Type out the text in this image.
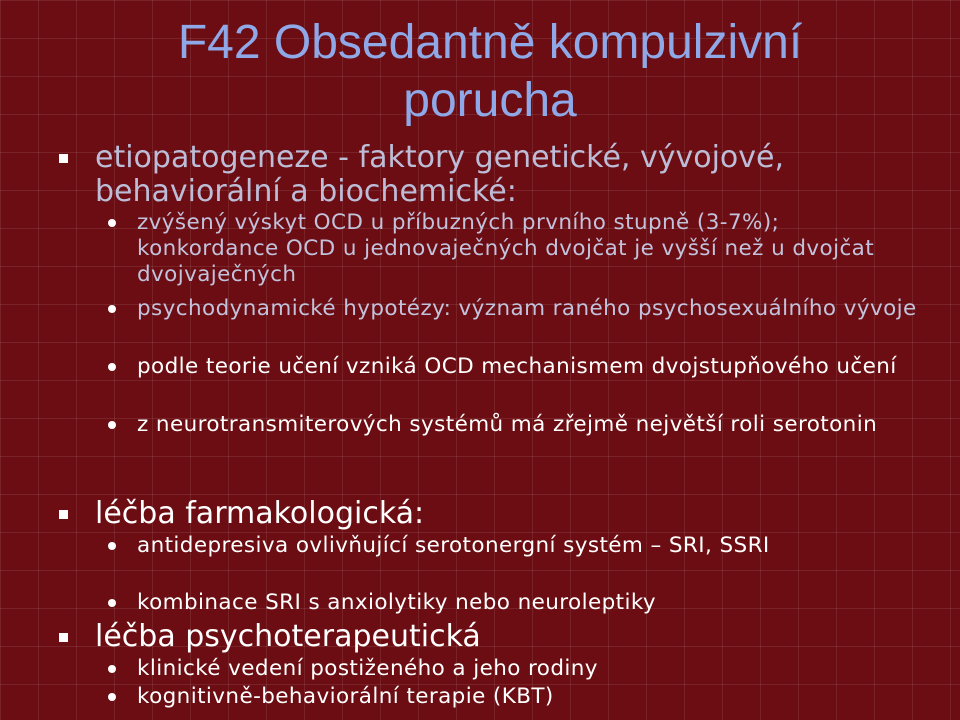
F42 Obsedantně kompulzivní
porucha
etiopatogeneze - faktory genetické, vývojové, behaviorální a biochemické:
zvýšený výskyt OCD u příbuzných prvního stupně (3-7%); konkordance OCD u jednovaječných dvojčat je vyšší než u dvojčat dvojvaječných
psychodynamické hypotézy: význam raného psychosexuálního vývoje
podle teorie učení vzniká OCD mechanismem dvojstupňového učení
z neurotransmiterových systémů má zřejmě největší roli serotonin
léčba farmakologická:
antidepresiva ovlivňující serotonergní systém – SRI, SSRI
kombinace SRI s anxiolytiky nebo neuroleptiky
léčba psychoterapeutická
klinické vedení postiženého a jeho rodiny
kognitivně-behaviorální terapie (KBT)
